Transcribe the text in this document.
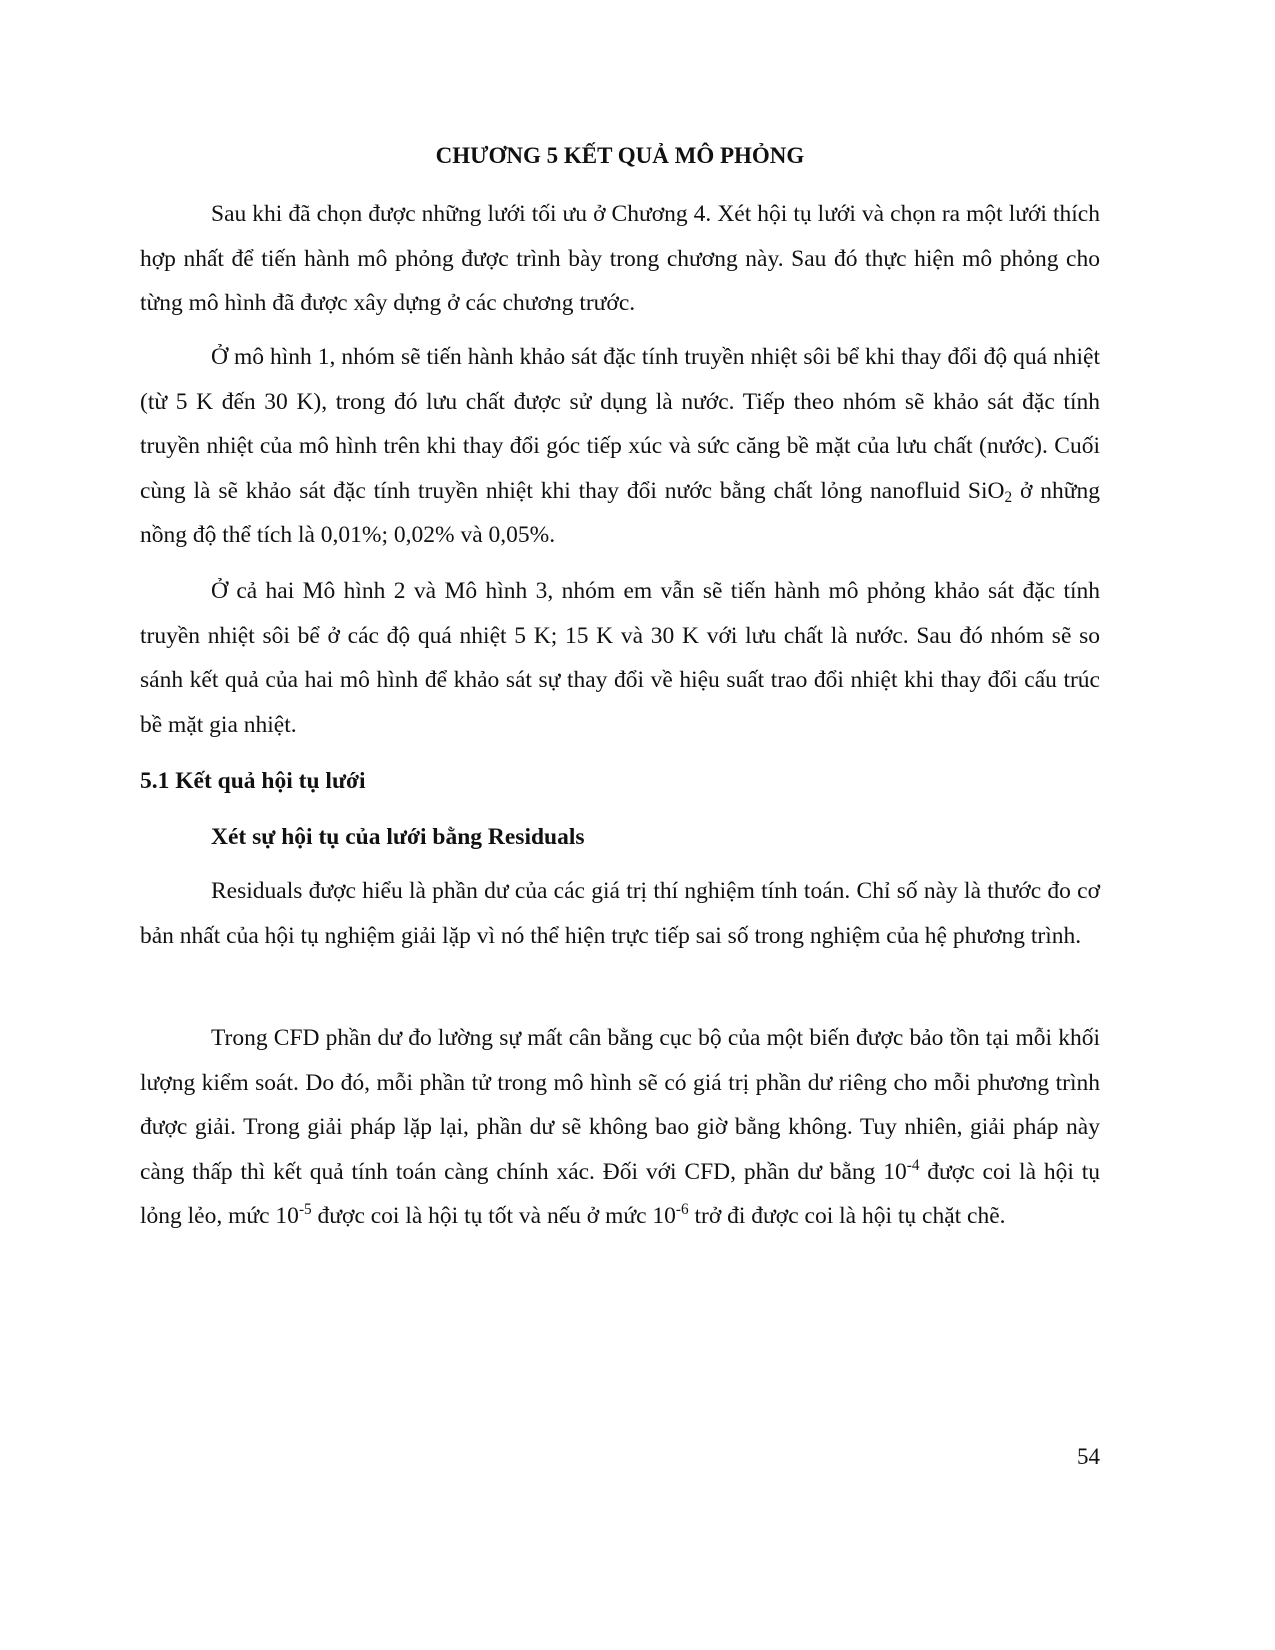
CHƯƠNG 5 KẾT QUẢ MÔ PHỎNG

Sau khi đã chọn được những lưới tối ưu ở Chương 4. Xét hội tụ lưới và chọn ra một lưới thích hợp nhất để tiến hành mô phỏng được trình bày trong chương này. Sau đó thực hiện mô phỏng cho từng mô hình đã được xây dựng ở các chương trước.

Ở mô hình 1, nhóm sẽ tiến hành khảo sát đặc tính truyền nhiệt sôi bể khi thay đổi độ quá nhiệt (từ 5 K đến 30 K), trong đó lưu chất được sử dụng là nước. Tiếp theo nhóm sẽ khảo sát đặc tính truyền nhiệt của mô hình trên khi thay đổi góc tiếp xúc và sức căng bề mặt của lưu chất (nước). Cuối cùng là sẽ khảo sát đặc tính truyền nhiệt khi thay đổi nước bằng chất lỏng nanofluid SiO$_2$ ở những nồng độ thể tích là 0,01%; 0,02% và 0,05%.

Ở cả hai Mô hình 2 và Mô hình 3, nhóm em vẫn sẽ tiến hành mô phỏng khảo sát đặc tính truyền nhiệt sôi bể ở các độ quá nhiệt 5 K; 15 K và 30 K với lưu chất là nước. Sau đó nhóm sẽ so sánh kết quả của hai mô hình để khảo sát sự thay đổi về hiệu suất trao đổi nhiệt khi thay đổi cấu trúc bề mặt gia nhiệt.

5.1 Kết quả hội tụ lưới
Xét sự hội tụ của lưới bằng Residuals

Residuals được hiểu là phần dư của các giá trị thí nghiệm tính toán. Chỉ số này là thước đo cơ bản nhất của hội tụ nghiệm giải lặp vì nó thể hiện trực tiếp sai số trong nghiệm của hệ phương trình.

Trong CFD phần dư đo lường sự mất cân bằng cục bộ của một biến được bảo tồn tại mỗi khối lượng kiểm soát. Do đó, mỗi phần tử trong mô hình sẽ có giá trị phần dư riêng cho mỗi phương trình được giải. Trong giải pháp lặp lại, phần dư sẽ không bao giờ bằng không. Tuy nhiên, giải pháp này càng thấp thì kết quả tính toán càng chính xác. Đối với CFD, phần dư bằng $10^{-4}$ được coi là hội tụ lỏng lẻo, mức $10^{-5}$ được coi là hội tụ tốt và nếu ở mức $10^{-6}$ trở đi được coi là hội tụ chặt chẽ.

54
